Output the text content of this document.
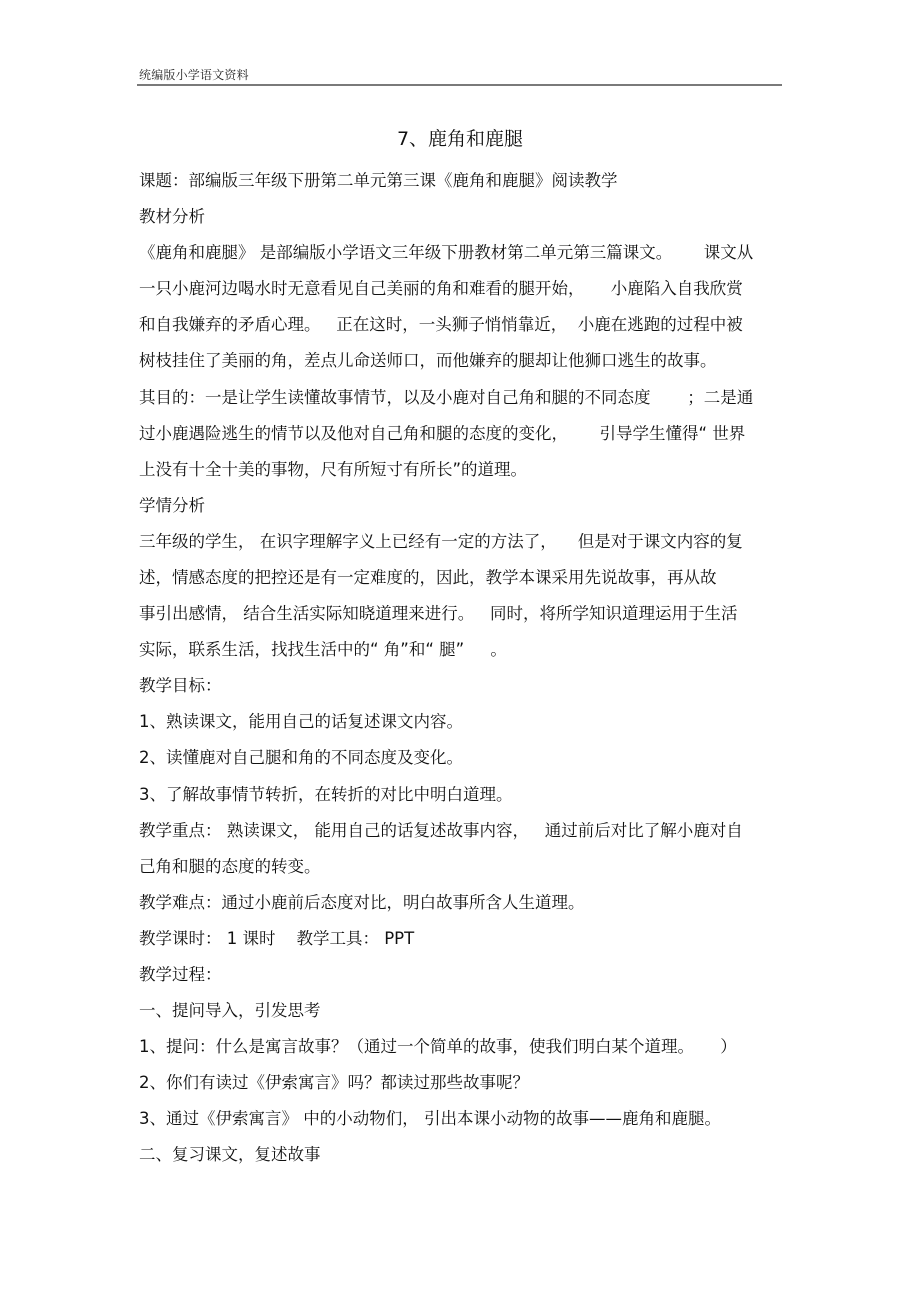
统编版小学语文资料
7、鹿角和鹿腿
课题：部编版三年级下册第二单元第三课《鹿角和鹿腿》阅读教学
教材分析
《鹿角和鹿腿》 是部编版小学语文三年级下册教材第二单元第三篇课文。      课文从
一只小鹿河边喝水时无意看见自己美丽的角和难看的腿开始，     小鹿陷入自我欣赏
和自我嫌弃的矛盾心理。   正在这时，一头狮子悄悄靠近，  小鹿在逃跑的过程中被
树枝挂住了美丽的角，差点儿命送师口，而他嫌弃的腿却让他狮口逃生的故事。
其目的：一是让学生读懂故事情节，以及小鹿对自己角和腿的不同态度       ；二是通
过小鹿遇险逃生的情节以及他对自己角和腿的态度的变化，      引导学生懂得“ 世界
上没有十全十美的事物，尺有所短寸有所长”的道理。
学情分析
三年级的学生， 在识字理解字义上已经有一定的方法了，    但是对于课文内容的复
述，情感态度的把控还是有一定难度的，因此，教学本课采用先说故事，再从故
事引出感情， 结合生活实际知晓道理来进行。   同时，将所学知识道理运用于生活
实际，联系生活，找找生活中的“ 角”和“ 腿”     。
教学目标：
1、熟读课文，能用自己的话复述课文内容。
2、读懂鹿对自己腿和角的不同态度及变化。
3、了解故事情节转折，在转折的对比中明白道理。
教学重点： 熟读课文， 能用自己的话复述故事内容，   通过前后对比了解小鹿对自
己角和腿的态度的转变。
教学难点：通过小鹿前后态度对比，明白故事所含人生道理。
教学课时： 1 课时    教学工具： PPT
教学过程：
一、提问导入，引发思考
1、提问：什么是寓言故事？（通过一个简单的故事，使我们明白某个道理。     ）
2、你们有读过《伊索寓言》吗？都读过那些故事呢？
3、通过《伊索寓言》 中的小动物们， 引出本课小动物的故事——鹿角和鹿腿。
二、复习课文，复述故事
